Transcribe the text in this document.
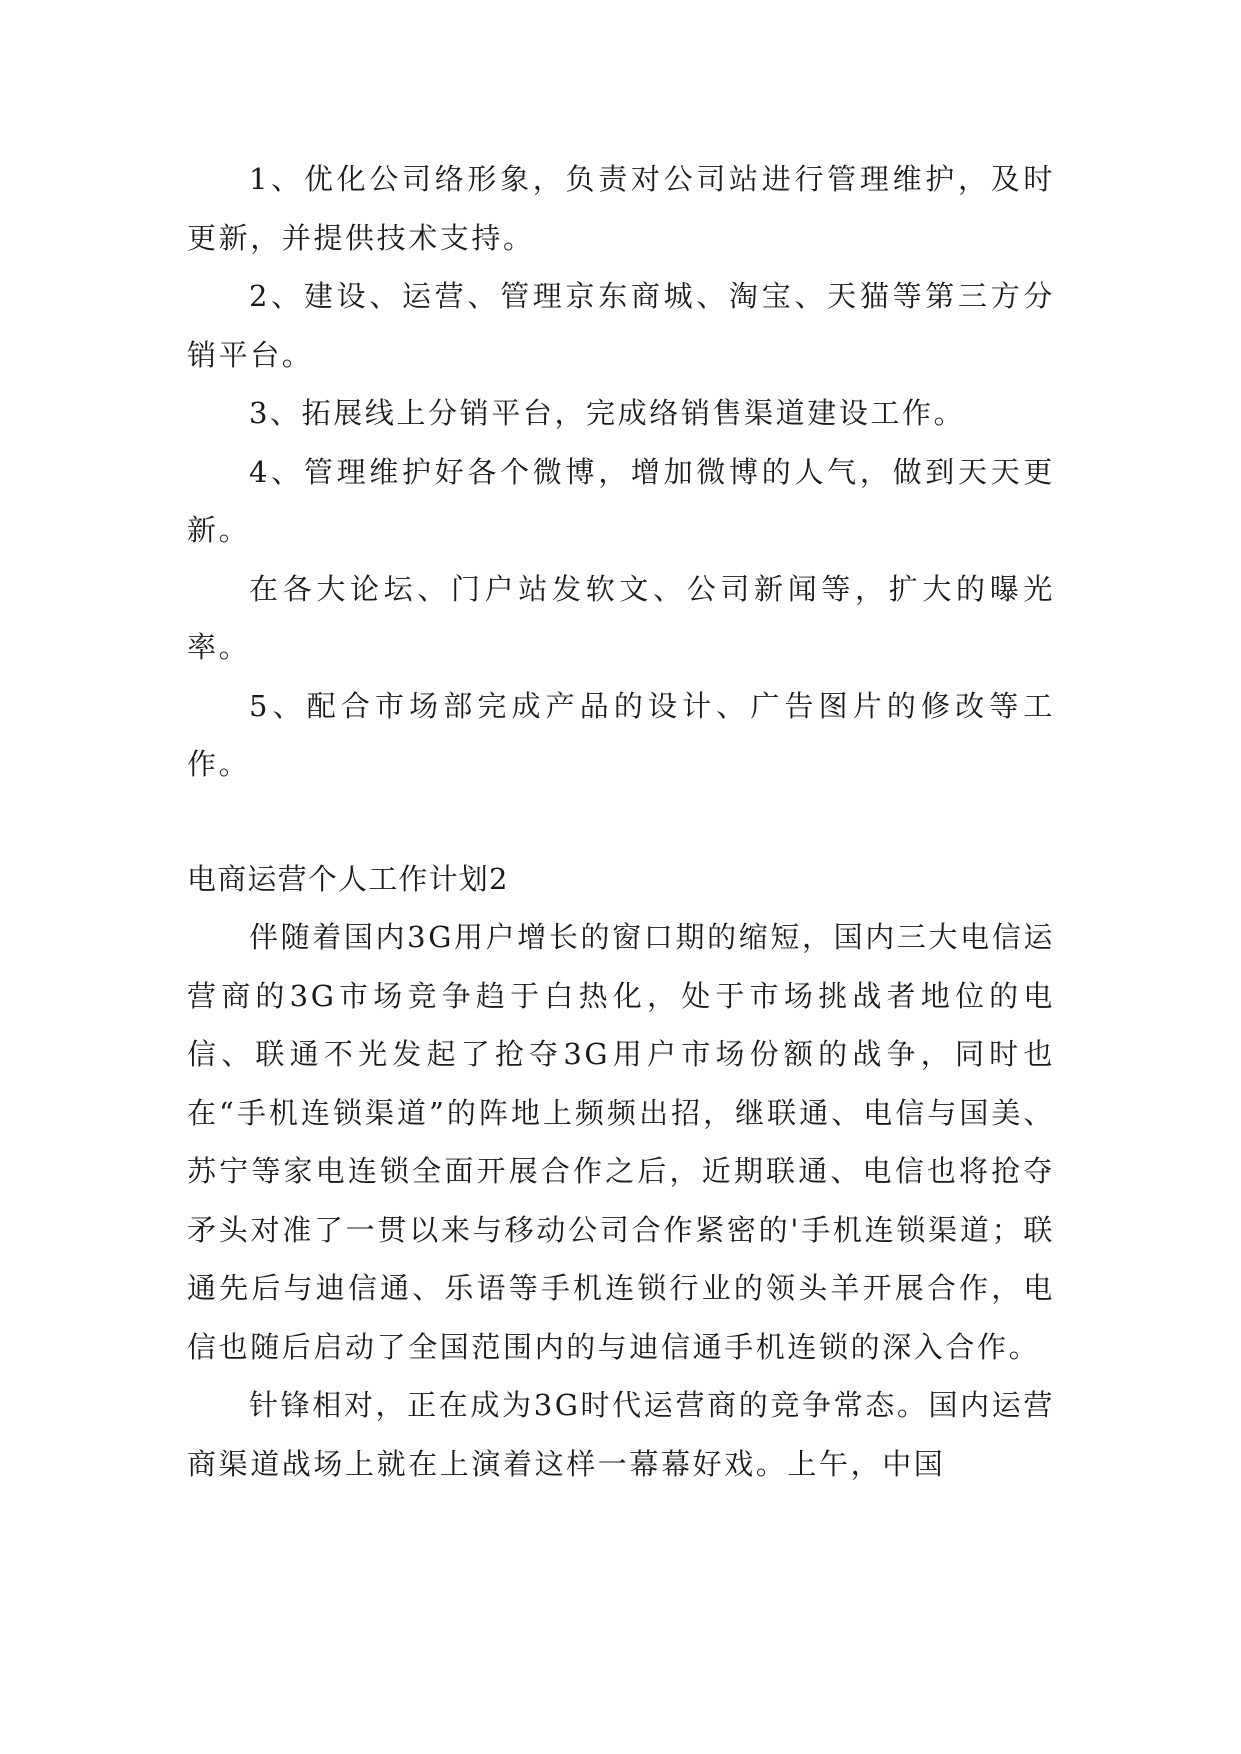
1、优化公司络形象，负责对公司站进行管理维护，及时更新，并提供技术支持。

2、建设、运营、管理京东商城、淘宝、天猫等第三方分销平台。

3、拓展线上分销平台，完成络销售渠道建设工作。

4、管理维护好各个微博，增加微博的人气，做到天天更新。

在各大论坛、门户站发软文、公司新闻等，扩大的曝光率。

5、配合市场部完成产品的设计、广告图片的修改等工作。

电商运营个人工作计划2

伴随着国内3G用户增长的窗口期的缩短，国内三大电信运营商的3G市场竞争趋于白热化，处于市场挑战者地位的电信、联通不光发起了抢夺3G用户市场份额的战争，同时也在“手机连锁渠道”的阵地上频频出招，继联通、电信与国美、苏宁等家电连锁全面开展合作之后，近期联通、电信也将抢夺矛头对准了一贯以来与移动公司合作紧密的'手机连锁渠道；联通先后与迪信通、乐语等手机连锁行业的领头羊开展合作，电信也随后启动了全国范围内的与迪信通手机连锁的深入合作。

针锋相对，正在成为3G时代运营商的竞争常态。国内运营商渠道战场上就在上演着这样一幕幕好戏。上午，中国
